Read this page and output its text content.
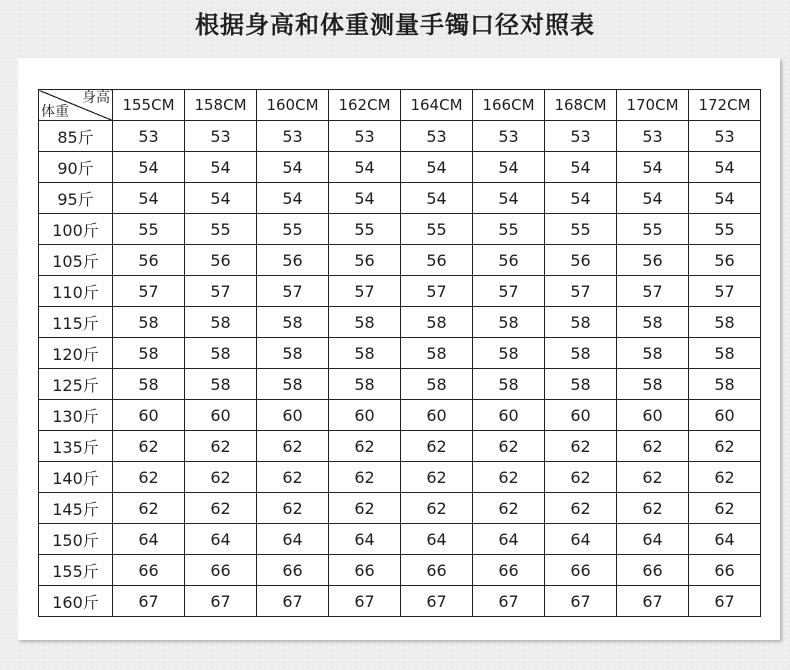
根据身高和体重测量手镯口径对照表
身高
体重	155CM	158CM	160CM	162CM	164CM	166CM	168CM	170CM	172CM
85斤	53	53	53	53	53	53	53	53	53
90斤	54	54	54	54	54	54	54	54	54
95斤	54	54	54	54	54	54	54	54	54
100斤	55	55	55	55	55	55	55	55	55
105斤	56	56	56	56	56	56	56	56	56
110斤	57	57	57	57	57	57	57	57	57
115斤	58	58	58	58	58	58	58	58	58
120斤	58	58	58	58	58	58	58	58	58
125斤	58	58	58	58	58	58	58	58	58
130斤	60	60	60	60	60	60	60	60	60
135斤	62	62	62	62	62	62	62	62	62
140斤	62	62	62	62	62	62	62	62	62
145斤	62	62	62	62	62	62	62	62	62
150斤	64	64	64	64	64	64	64	64	64
155斤	66	66	66	66	66	66	66	66	66
160斤	67	67	67	67	67	67	67	67	67
